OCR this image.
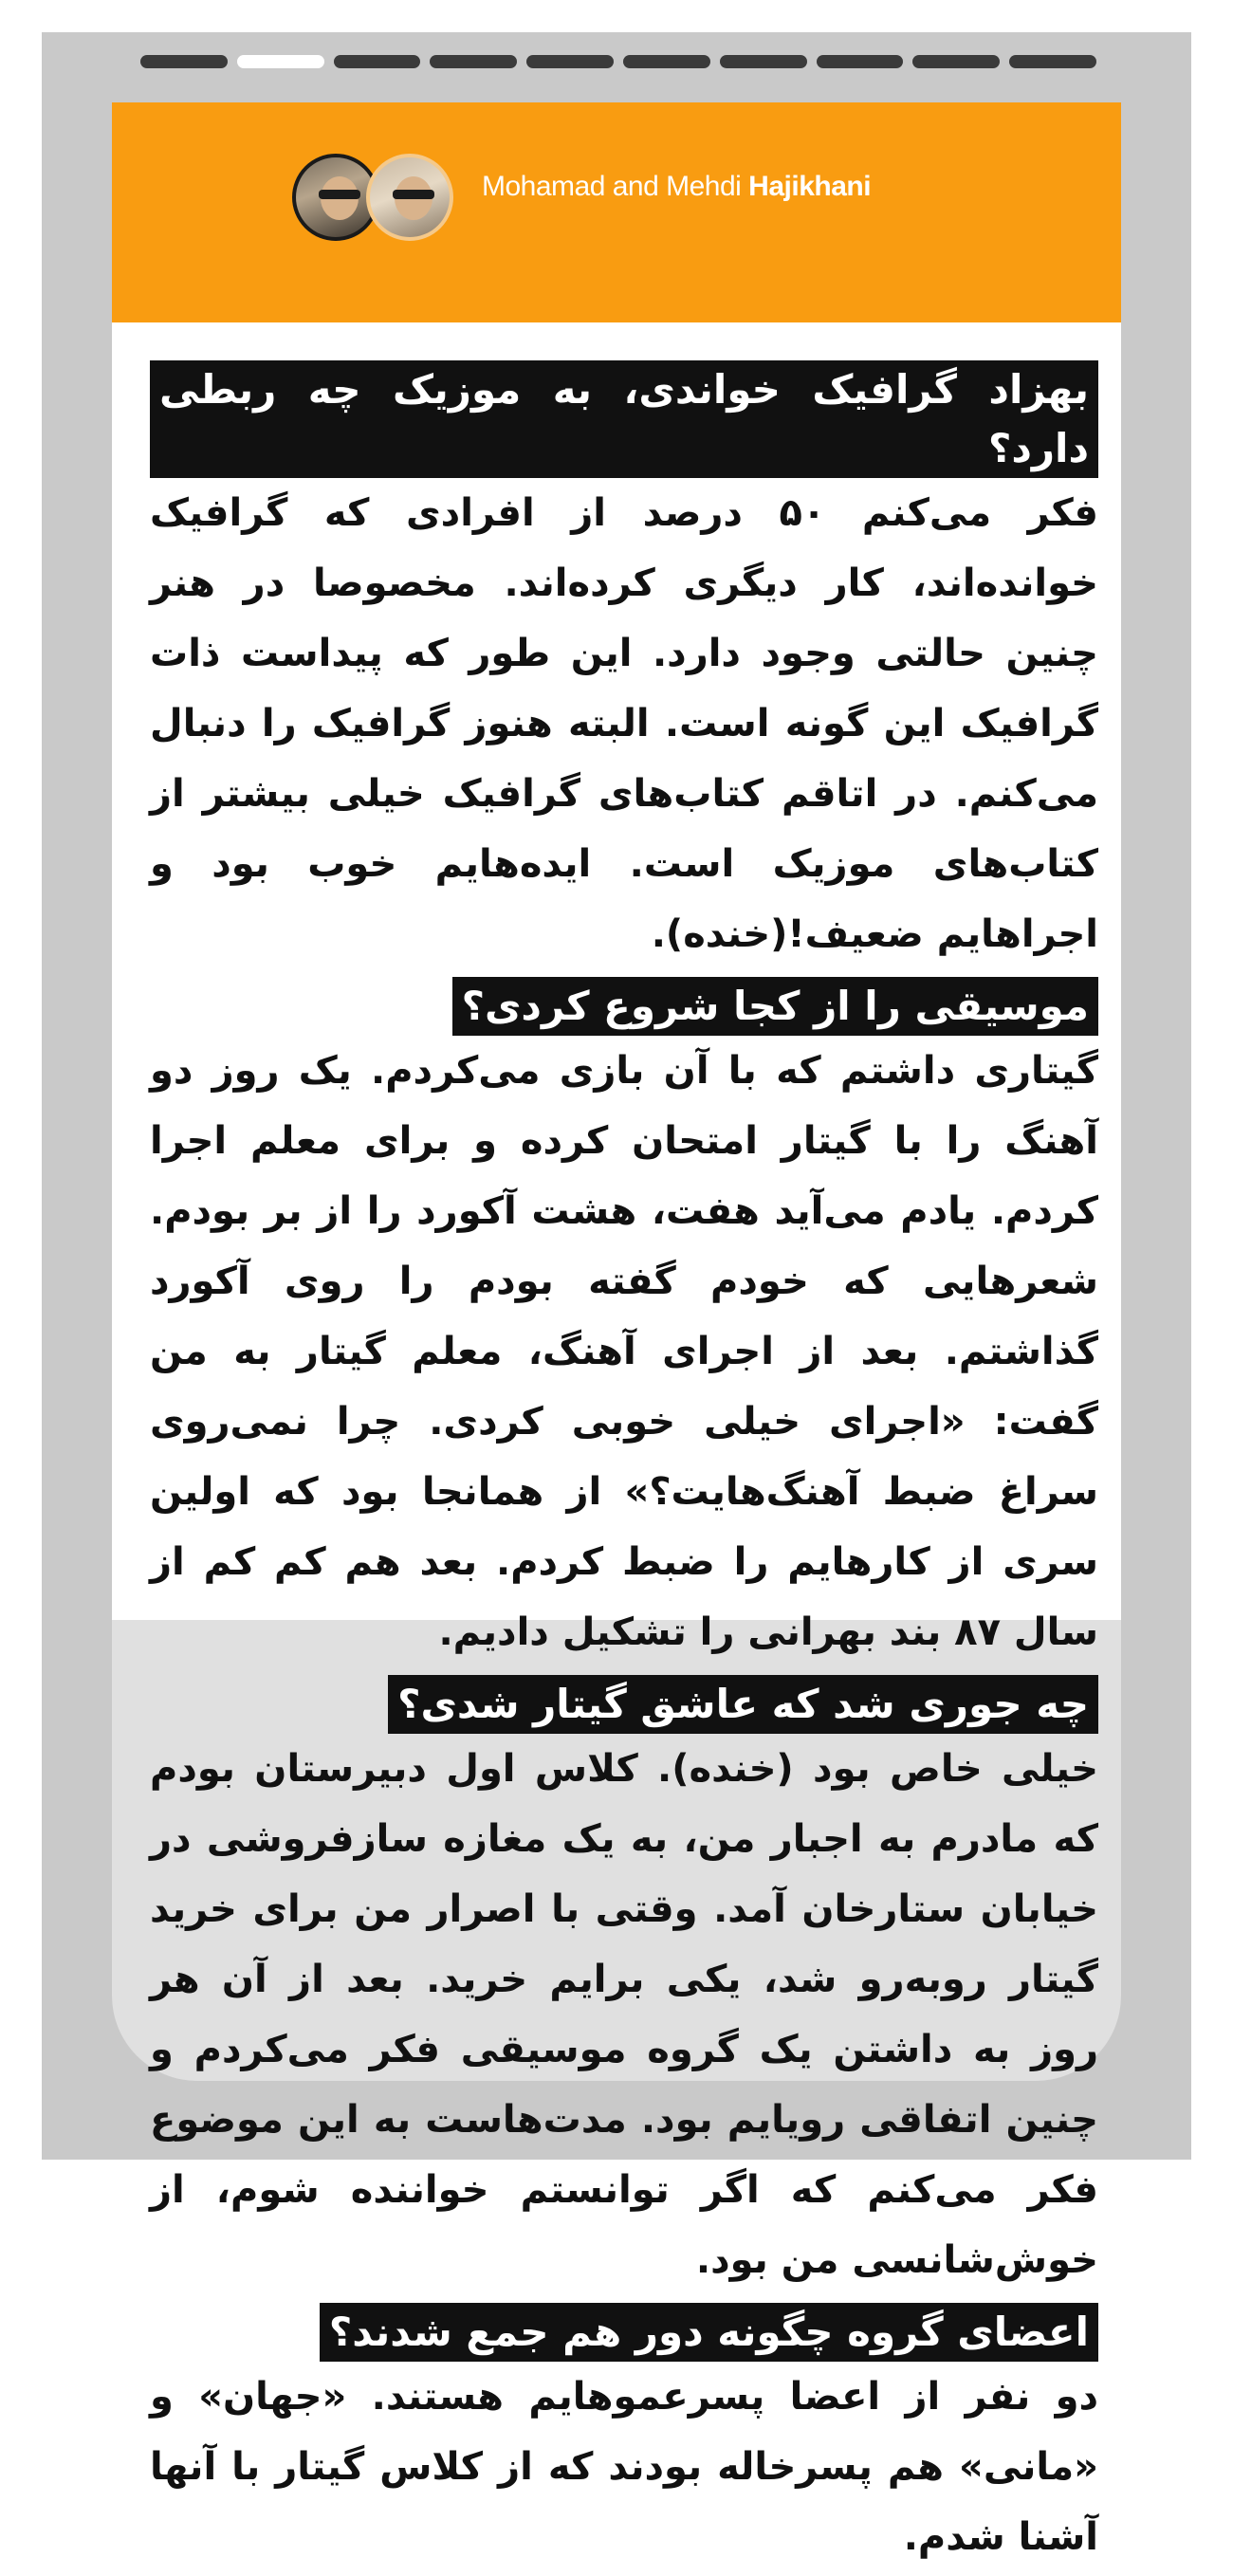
Mohamad and Mehdi Hajikhani
بهزاد گرافیک خواندی، به موزیک چه ربطی دارد؟

فکر می‌کنم ۵۰ درصد از افرادی که گرافیک خوانده‌اند، کار دیگری کرده‌اند. مخصوصا در هنر چنین حالتی وجود دارد. این طور که پیداست ذات گرافیک این گونه است. البته هنوز گرافیک را دنبال می‌کنم. در اتاقم کتاب‌های گرافیک خیلی بیشتر از کتاب‌های موزیک است. ایده‌هایم خوب بود و اجراهایم ضعیف!(خنده).

موسیقی را از کجا شروع کردی؟

گیتاری داشتم که با آن بازی می‌کردم. یک روز دو آهنگ را با گیتار امتحان کرده و برای معلم اجرا کردم. یادم می‌آید هفت، هشت آکورد را از بر بودم. شعرهایی که خودم گفته بودم را روی آکورد گذاشتم. بعد از اجرای آهنگ، معلم گیتار به من گفت: «اجرای خیلی خوبی کردی. چرا نمی‌روی سراغ ضبط آهنگ‌هایت؟» از همانجا بود که اولین سری از کارهایم را ضبط کردم. بعد هم کم کم از سال ۸۷ بند بهرانی را تشکیل دادیم.

چه جوری شد که عاشق گیتار شدی؟

خیلی خاص بود (خنده). کلاس اول دبیرستان بودم که مادرم به اجبار من، به یک مغازه سازفروشی در خیابان ستارخان آمد. وقتی با اصرار من برای خرید گیتار روبه‌رو شد، یکی برایم خرید. بعد از آن هر روز به داشتن یک گروه موسیقی فکر می‌کردم و چنین اتفاقی رویایم بود. مدت‌هاست به این موضوع فکر می‌کنم که اگر توانستم خواننده شوم، از خوش‌شانسی من بود.

اعضای گروه چگونه دور هم جمع شدند؟

دو نفر از اعضا پسرعموهایم هستند. «جهان» و «مانی» هم پسرخاله بودند که از کلاس گیتار با آنها آشنا شدم.
